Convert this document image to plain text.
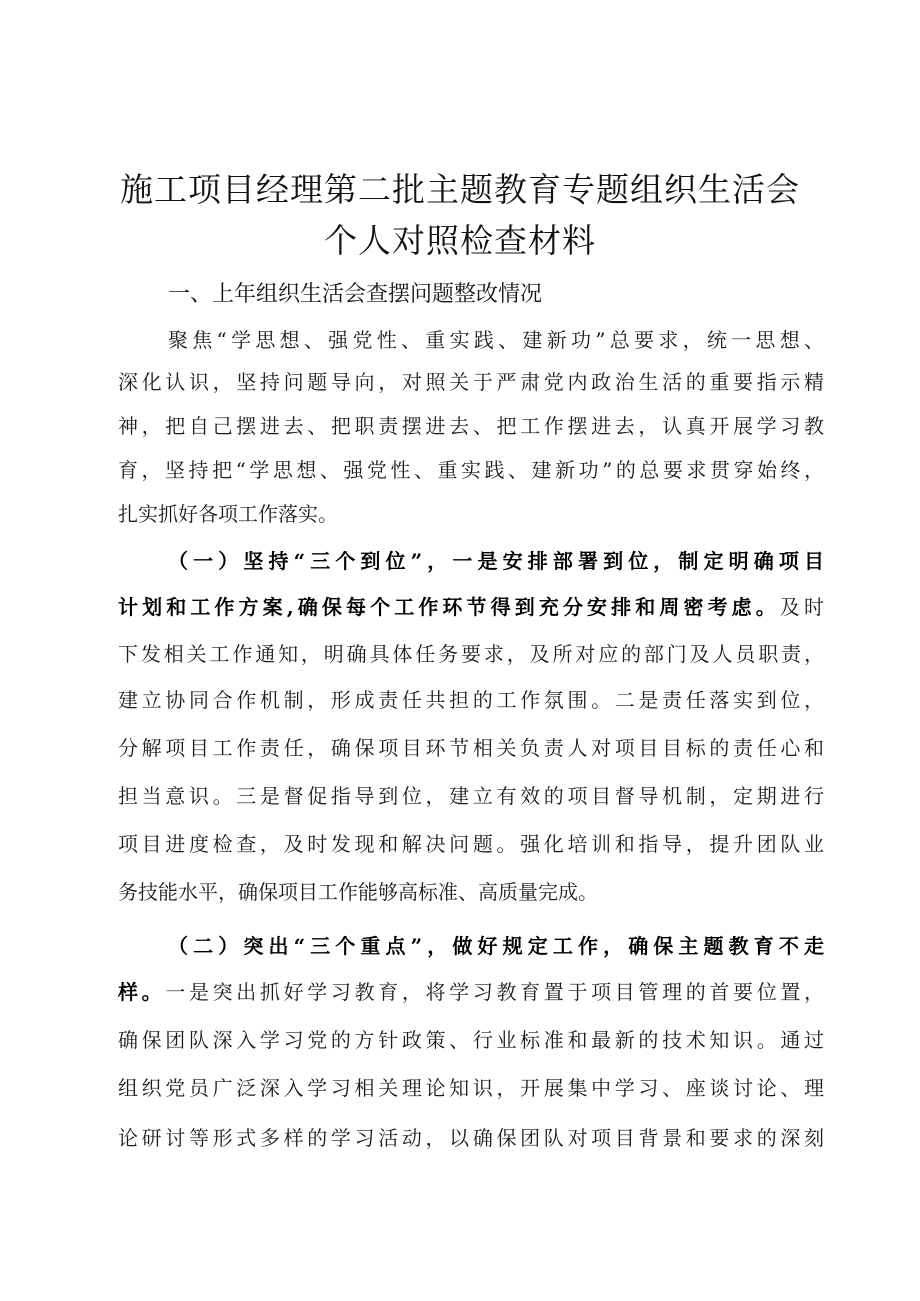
施工项目经理第二批主题教育专题组织生活会
个人对照检查材料
一、上年组织生活会查摆问题整改情况
聚焦“学思想、强党性、重实践、建新功”总要求，统一思想、
深化认识，坚持问题导向，对照关于严肃党内政治生活的重要指示精
神，把自己摆进去、把职责摆进去、把工作摆进去，认真开展学习教
育，坚持把“学思想、强党性、重实践、建新功”的总要求贯穿始终，
扎实抓好各项工作落实。
（一）坚持“三个到位”，一是安排部署到位，制定明确项目
计划和工作方案,确保每个工作环节得到充分安排和周密考虑。及时
下发相关工作通知，明确具体任务要求，及所对应的部门及人员职责，
建立协同合作机制，形成责任共担的工作氛围。二是责任落实到位，
分解项目工作责任，确保项目环节相关负责人对项目目标的责任心和
担当意识。三是督促指导到位，建立有效的项目督导机制，定期进行
项目进度检查，及时发现和解决问题。强化培训和指导，提升团队业
务技能水平，确保项目工作能够高标准、高质量完成。
（二）突出“三个重点”，做好规定工作，确保主题教育不走
样。一是突出抓好学习教育，将学习教育置于项目管理的首要位置，
确保团队深入学习党的方针政策、行业标准和最新的技术知识。通过
组织党员广泛深入学习相关理论知识，开展集中学习、座谈讨论、理
论研讨等形式多样的学习活动，以确保团队对项目背景和要求的深刻
